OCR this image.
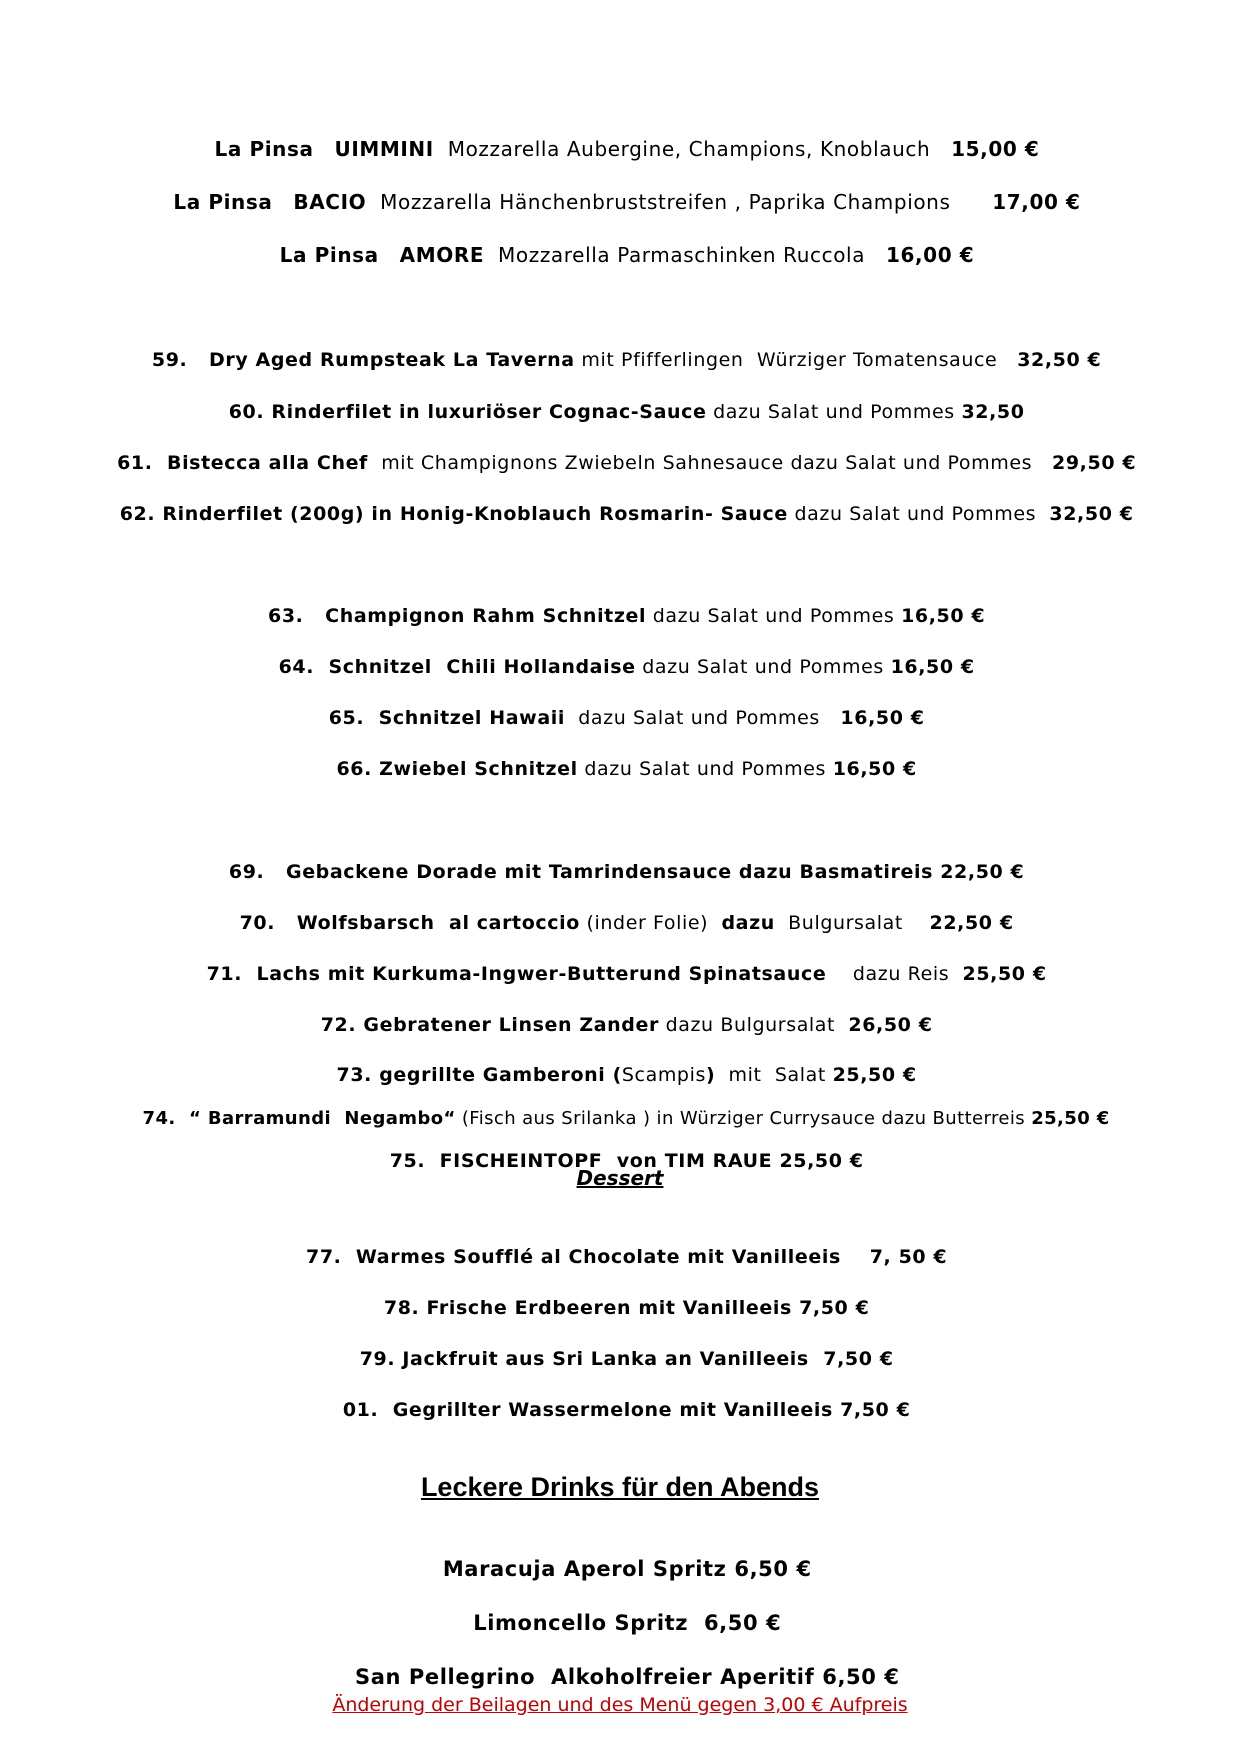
La Pinsa UIMMINI Mozzarella Aubergine, Champions, Knoblauch 15,00 €

La Pinsa BACIO Mozzarella Hänchenbruststreifen , Paprika Champions 17,00 €

La Pinsa AMORE Mozzarella Parmaschinken Ruccola 16,00 €

59.   Dry Aged Rumpsteak La Taverna mit Pfifferlingen  Würziger Tomatensauce 32,50 €

60. Rinderfilet in luxuriöser Cognac-Sauce dazu Salat und Pommes 32,50

61.  Bistecca alla Chef  mit Champignons Zwiebeln Sahnesauce dazu Salat und Pommes 29,50 €

62. Rinderfilet (200g) in Honig-Knoblauch Rosmarin- Sauce dazu Salat und Pommes 32,50 €

63.   Champignon Rahm Schnitzel dazu Salat und Pommes 16,50 €

64.  Schnitzel  Chili Hollandaise dazu Salat und Pommes 16,50 €

65.  Schnitzel Hawaii  dazu Salat und Pommes   16,50 €

66. Zwiebel Schnitzel dazu Salat und Pommes 16,50 €

69.   Gebackene Dorade mit Tamrindensauce dazu Basmatireis 22,50 €

70.   Wolfsbarsch  al cartoccio (inder Folie) dazu Bulgursalat 22,50 €

71.  Lachs mit Kurkuma-Ingwer-Butterund Spinatsauce dazu Reis 25,50 €

72. Gebratener Linsen Zander dazu Bulgursalat 26,50 €

73. gegrillte Gamberoni (Scampis)  mit  Salat 25,50 €

74.  “ Barramundi  Negambo“ (Fisch aus Srilanka ) in Würziger Currysauce dazu Butterreis 25,50 €

75.  FISCHEINTOPF  von TIM RAUE 25,50 €

Dessert

77.  Warmes Soufflé al Chocolate mit Vanilleeis    7, 50 €

78. Frische Erdbeeren mit Vanilleeis 7,50 €

79. Jackfruit aus Sri Lanka an Vanilleeis  7,50 €

01.  Gegrillter Wassermelone mit Vanilleeis 7,50 €

Leckere Drinks für den Abends

Maracuja Aperol Spritz 6,50 €

Limoncello Spritz  6,50 €

San Pellegrino  Alkoholfreier Aperitif 6,50 €

Änderung der Beilagen und des Menü gegen 3,00 € Aufpreis
